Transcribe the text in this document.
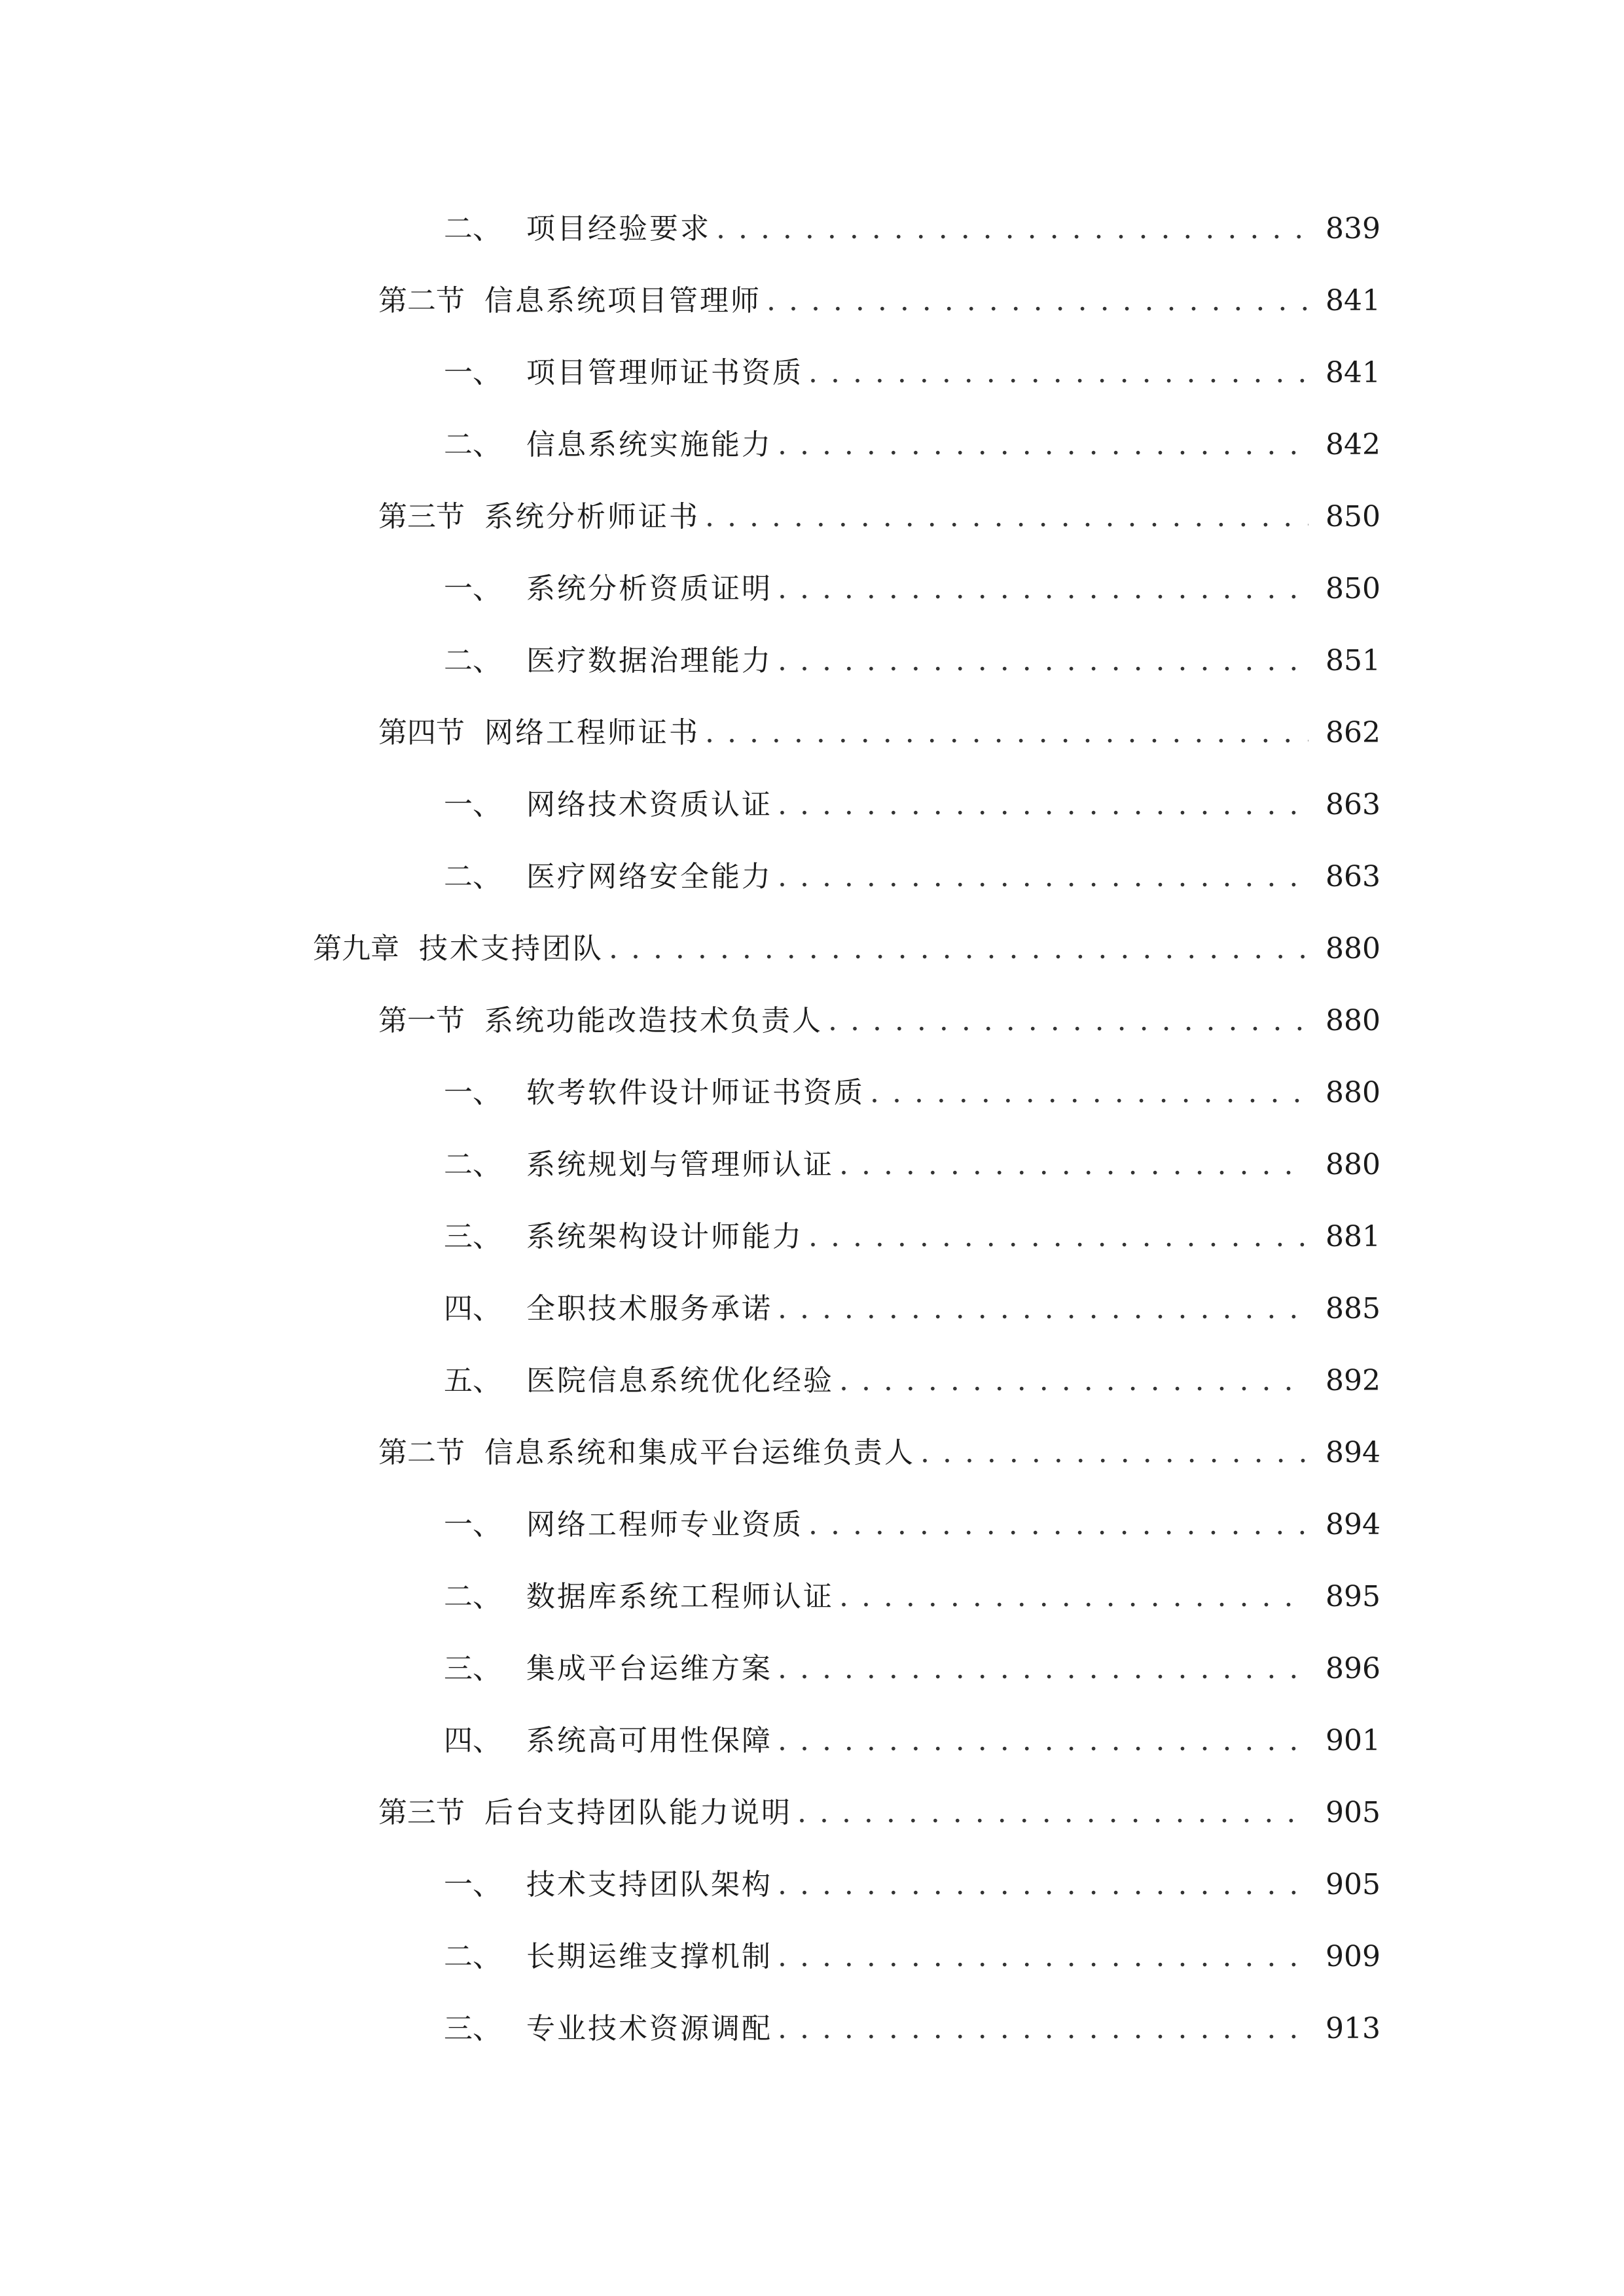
二、 项目经验要求 . . .	839
第二节 信息系统项目管理师 . . .	841
一、 项目管理师证书资质 . . .	841
二、 信息系统实施能力 . . .	842
第三节 系统分析师证书 . . .	850
一、 系统分析资质证明 . . .	850
二、 医疗数据治理能力 . . .	851
第四节 网络工程师证书 . . .	862
一、 网络技术资质认证 . . .	863
二、 医疗网络安全能力 . . .	863
第九章 技术支持团队 . . .	880
第一节 系统功能改造技术负责人 . . .	880
一、 软考软件设计师证书资质 . . .	880
二、 系统规划与管理师认证 . . .	880
三、 系统架构设计师能力 . . .	881
四、 全职技术服务承诺 . . .	885
五、 医院信息系统优化经验 . . .	892
第二节 信息系统和集成平台运维负责人 . . .	894
一、 网络工程师专业资质 . . .	894
二、 数据库系统工程师认证 . . .	895
三、 集成平台运维方案 . . .	896
四、 系统高可用性保障 . . .	901
第三节 后台支持团队能力说明 . . .	905
一、 技术支持团队架构 . . .	905
二、 长期运维支撑机制 . . .	909
三、 专业技术资源调配 . . .	913
